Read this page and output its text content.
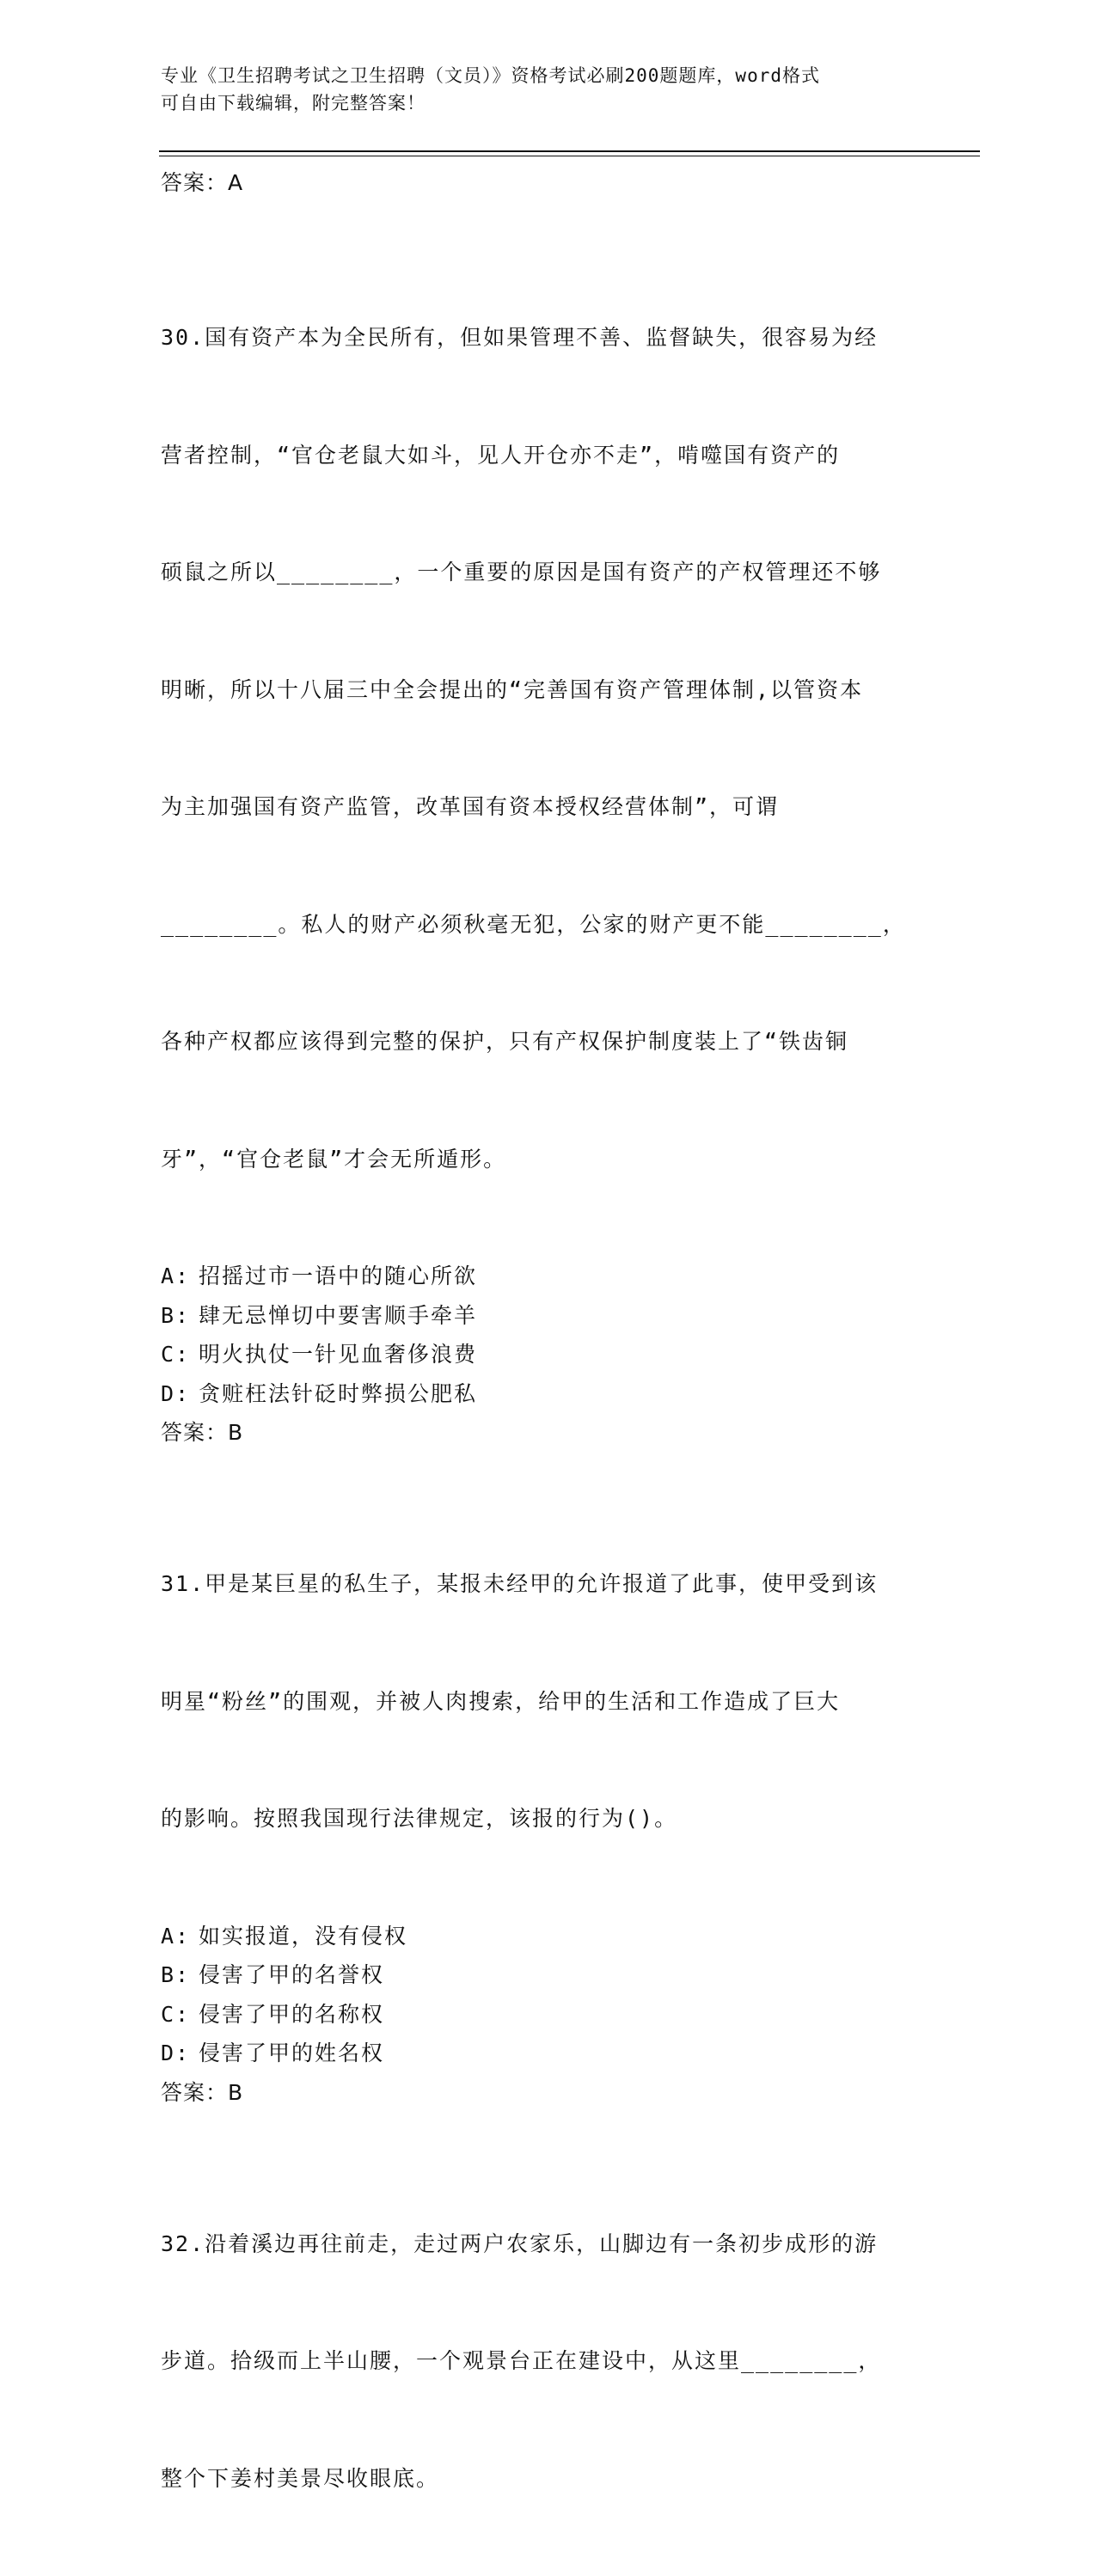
专业《卫生招聘考试之卫生招聘（文员）》资格考试必刷200题题库，word格式
可自由下载编辑，附完整答案！
答案：A

30.国有资产本为全民所有，但如果管理不善、监督缺失，很容易为经

营者控制，“官仓老鼠大如斗，见人开仓亦不走”，啃噬国有资产的

硕鼠之所以________，一个重要的原因是国有资产的产权管理还不够

明晰，所以十八届三中全会提出的“完善国有资产管理体制,以管资本

为主加强国有资产监管，改革国有资本授权经营体制”，可谓

________。私人的财产必须秋毫无犯，公家的财产更不能________，

各种产权都应该得到完整的保护，只有产权保护制度装上了“铁齿铜

牙”，“官仓老鼠”才会无所遁形。

A: 招摇过市一语中的随心所欲
B: 肆无忌惮切中要害顺手牵羊
C: 明火执仗一针见血奢侈浪费
D: 贪赃枉法针砭时弊损公肥私
答案：B

31.甲是某巨星的私生子，某报未经甲的允许报道了此事，使甲受到该

明星“粉丝”的围观，并被人肉搜索，给甲的生活和工作造成了巨大

的影响。按照我国现行法律规定，该报的行为()。

A: 如实报道，没有侵权
B: 侵害了甲的名誉权
C: 侵害了甲的名称权
D: 侵害了甲的姓名权
答案：B

32.沿着溪边再往前走，走过两户农家乐，山脚边有一条初步成形的游

步道。拾级而上半山腰，一个观景台正在建设中，从这里________，

整个下姜村美景尽收眼底。
